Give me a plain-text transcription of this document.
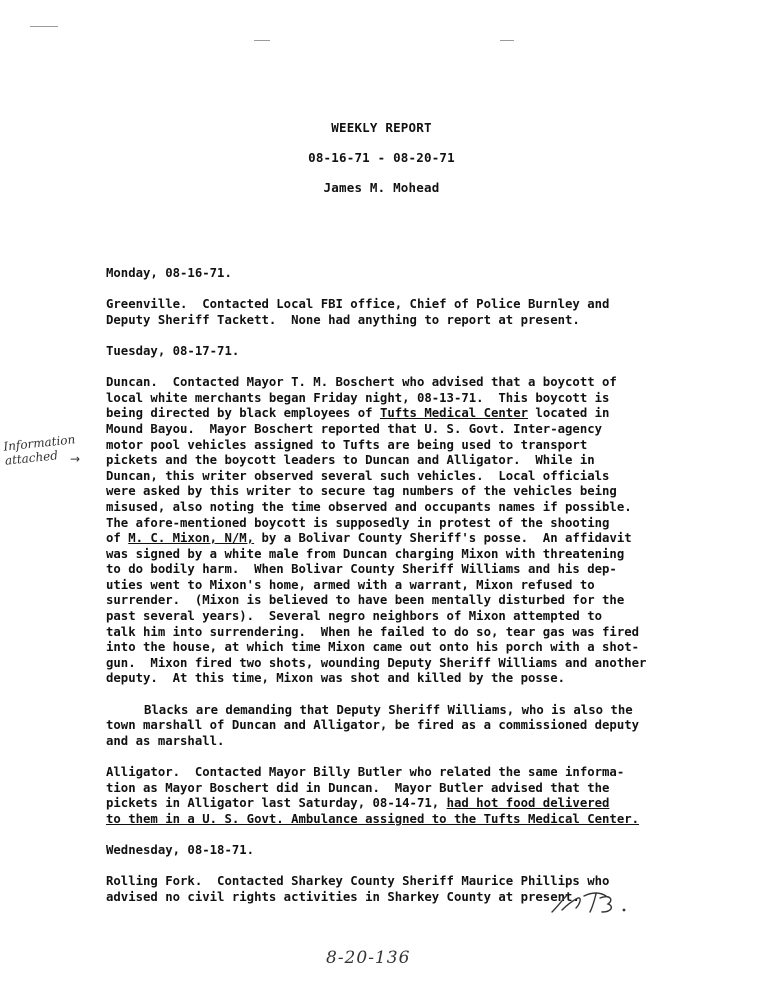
WEEKLY REPORT
08-16-71 - 08-20-71
James M. Mohead
Information
attached →
Monday, 08-16-71.
Greenville.  Contacted Local FBI office, Chief of Police Burnley and
Deputy Sheriff Tackett.  None had anything to report at present.
Tuesday, 08-17-71.
Duncan.  Contacted Mayor T. M. Boschert who advised that a boycott of
local white merchants began Friday night, 08-13-71.  This boycott is
being directed by black employees of Tufts Medical Center located in
Mound Bayou.  Mayor Boschert reported that U. S. Govt. Inter-agency
motor pool vehicles assigned to Tufts are being used to transport
pickets and the boycott leaders to Duncan and Alligator.  While in
Duncan, this writer observed several such vehicles.  Local officials
were asked by this writer to secure tag numbers of the vehicles being
misused, also noting the time observed and occupants names if possible.
The afore-mentioned boycott is supposedly in protest of the shooting
of M. C. Mixon, N/M, by a Bolivar County Sheriff's posse.  An affidavit
was signed by a white male from Duncan charging Mixon with threatening
to do bodily harm.  When Bolivar County Sheriff Williams and his dep-
uties went to Mixon's home, armed with a warrant, Mixon refused to
surrender.  (Mixon is believed to have been mentally disturbed for the
past several years).  Several negro neighbors of Mixon attempted to
talk him into surrendering.  When he failed to do so, tear gas was fired
into the house, at which time Mixon came out onto his porch with a shot-
gun.  Mixon fired two shots, wounding Deputy Sheriff Williams and another
deputy.  At this time, Mixon was shot and killed by the posse.
Blacks are demanding that Deputy Sheriff Williams, who is also the
town marshall of Duncan and Alligator, be fired as a commissioned deputy
and as marshall.
Alligator.  Contacted Mayor Billy Butler who related the same informa-
tion as Mayor Boschert did in Duncan.  Mayor Butler advised that the
pickets in Alligator last Saturday, 08-14-71, had hot food delivered
to them in a U. S. Govt. Ambulance assigned to the Tufts Medical Center.
Wednesday, 08-18-71.
Rolling Fork.  Contacted Sharkey County Sheriff Maurice Phillips who
advised no civil rights activities in Sharkey County at present.
8-20-136
